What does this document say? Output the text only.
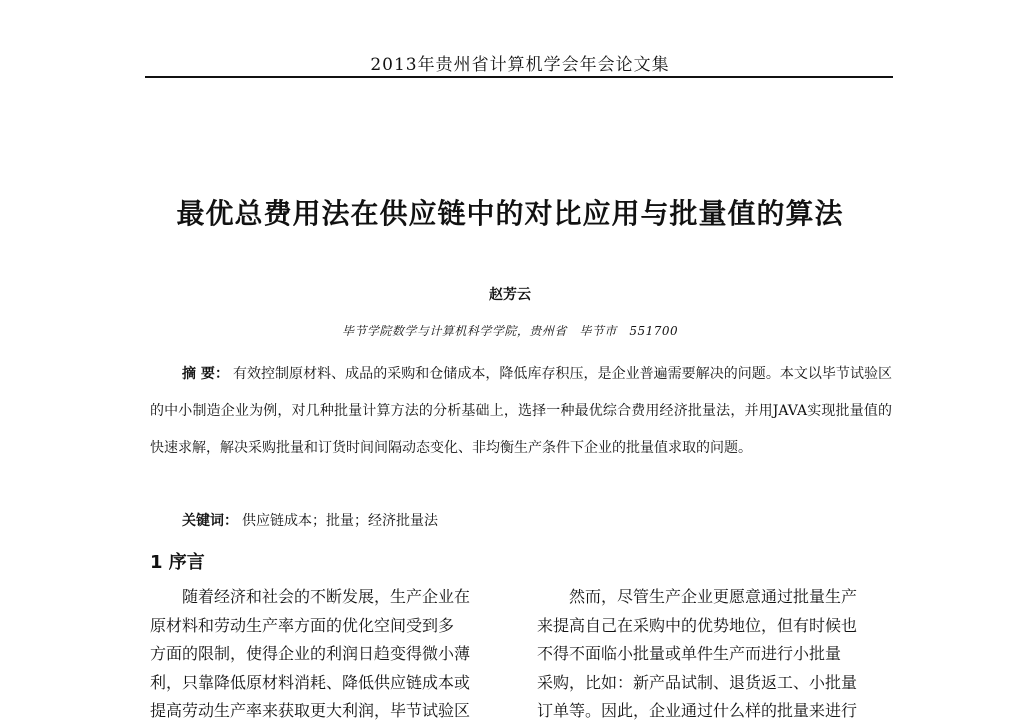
2013年贵州省计算机学会年会论文集
最优总费用法在供应链中的对比应用与批量值的算法
赵芳云
毕节学院数学与计算机科学学院，贵州省　毕节市　551700
摘 要： 有效控制原材料、成品的采购和仓储成本，降低库存积压，是企业普遍需要解决的问题。本文以毕节试验区的中小制造企业为例，对几种批量计算方法的分析基础上，选择一种最优综合费用经济批量法，并用JAVA实现批量值的快速求解，解决采购批量和订货时间间隔动态变化、非均衡生产条件下企业的批量值求取的问题。
关键词： 供应链成本；批量；经济批量法
1 序言
随着经济和社会的不断发展，生产企业在
原材料和劳动生产率方面的优化空间受到多
方面的限制，使得企业的利润日趋变得微小薄
利，只靠降低原材料消耗、降低供应链成本或
提高劳动生产率来获取更大利润，毕节试验区
然而，尽管生产企业更愿意通过批量生产
来提高自己在采购中的优势地位，但有时候也
不得不面临小批量或单件生产而进行小批量
采购，比如：新产品试制、退货返工、小批量
订单等。因此，企业通过什么样的批量来进行
